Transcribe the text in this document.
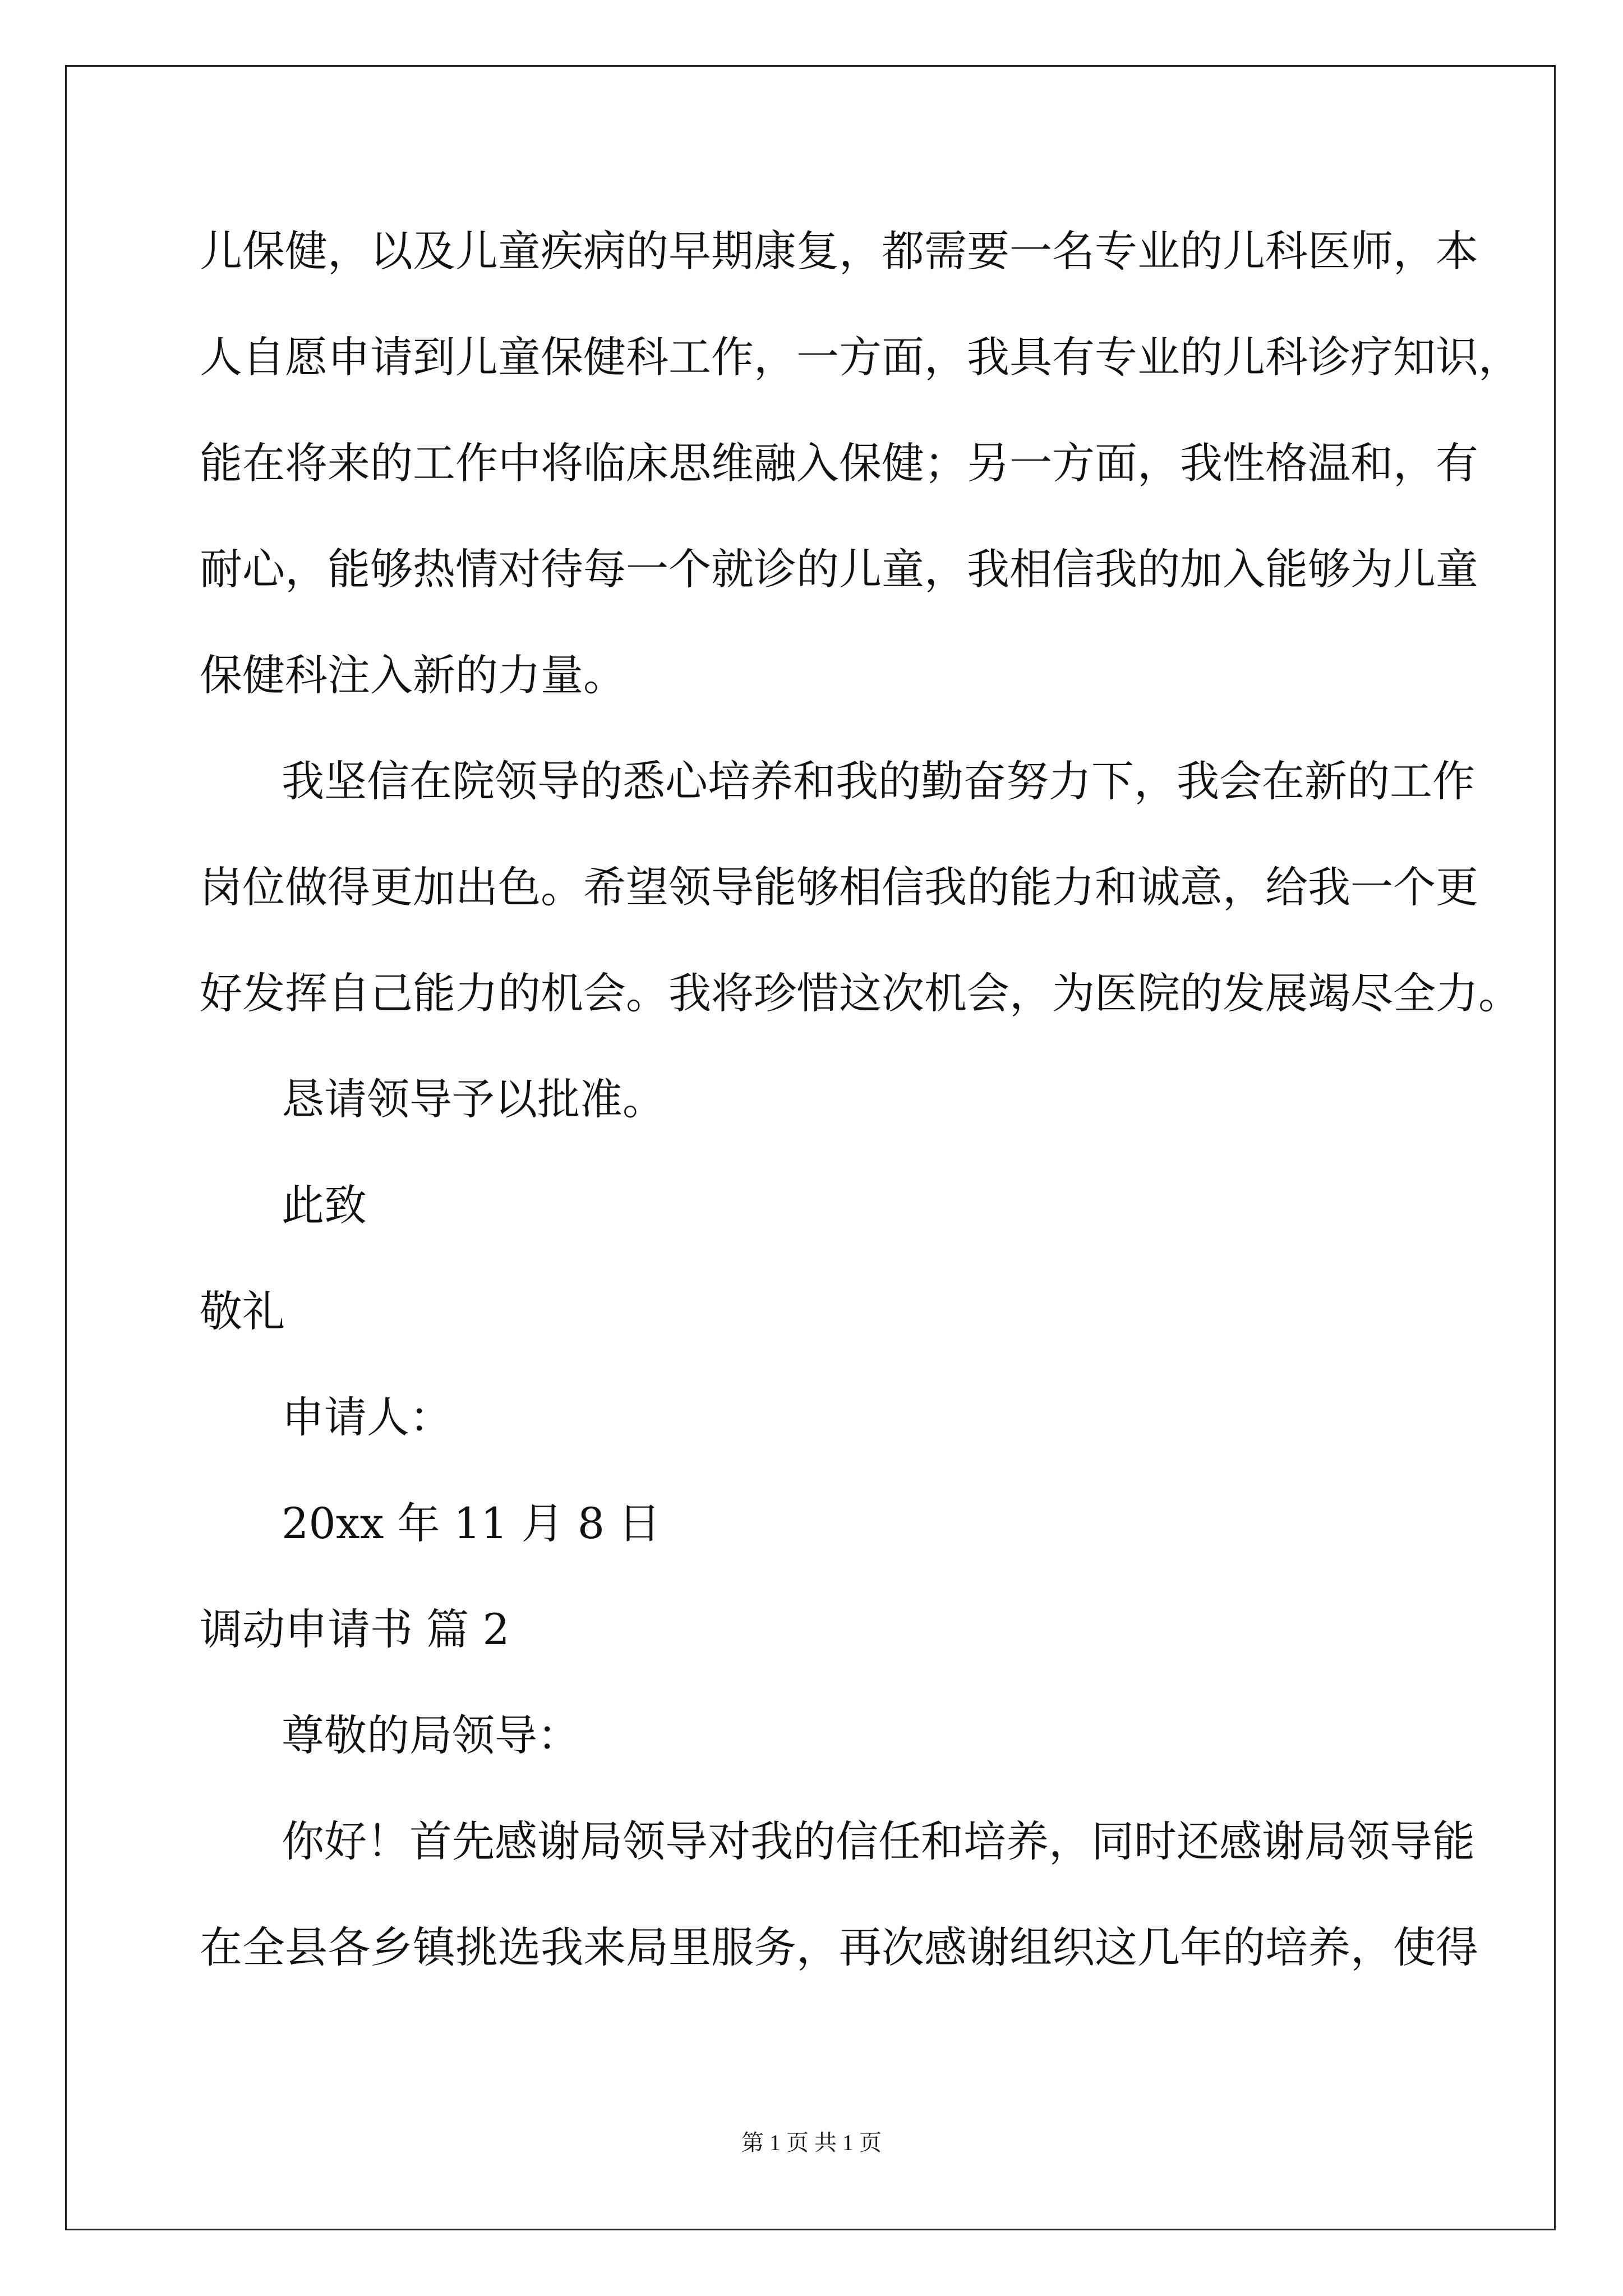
儿保健，以及儿童疾病的早期康复，都需要一名专业的儿科医师，本

人自愿申请到儿童保健科工作，一方面，我具有专业的儿科诊疗知识，

能在将来的工作中将临床思维融入保健；另一方面，我性格温和，有

耐心，能够热情对待每一个就诊的儿童，我相信我的加入能够为儿童

保健科注入新的力量。

我坚信在院领导的悉心培养和我的勤奋努力下，我会在新的工作

岗位做得更加出色。希望领导能够相信我的能力和诚意，给我一个更

好发挥自己能力的机会。我将珍惜这次机会，为医院的发展竭尽全力。

恳请领导予以批准。

此致

敬礼

申请人：

20xx 年 11 月 8 日

调动申请书 篇 2

尊敬的局领导：

你好！首先感谢局领导对我的信任和培养，同时还感谢局领导能

在全县各乡镇挑选我来局里服务，再次感谢组织这几年的培养，使得

第 1 页 共 1 页
